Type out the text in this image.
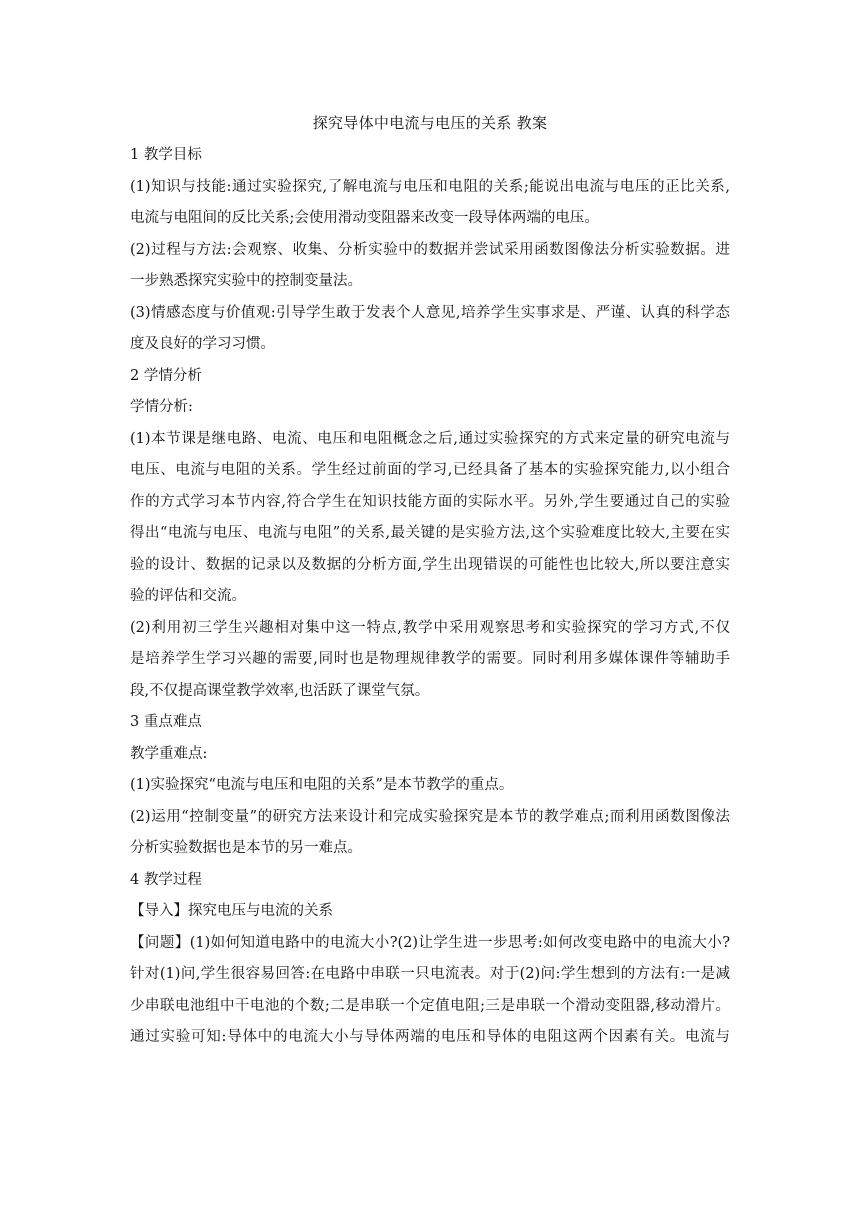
探究导体中电流与电压的关系 教案

1 教学目标

(1)知识与技能:通过实验探究,了解电流与电压和电阻的关系;能说出电流与电压的正比关系,

电流与电阻间的反比关系;会使用滑动变阻器来改变一段导体两端的电压。

(2)过程与方法:会观察、收集、分析实验中的数据并尝试采用函数图像法分析实验数据。进

一步熟悉探究实验中的控制变量法。

(3)情感态度与价值观:引导学生敢于发表个人意见,培养学生实事求是、严谨、认真的科学态

度及良好的学习习惯。

2 学情分析

学情分析:

(1)本节课是继电路、电流、电压和电阻概念之后,通过实验探究的方式来定量的研究电流与

电压、电流与电阻的关系。学生经过前面的学习,已经具备了基本的实验探究能力,以小组合

作的方式学习本节内容,符合学生在知识技能方面的实际水平。另外,学生要通过自己的实验

得出“电流与电压、电流与电阻”的关系,最关键的是实验方法,这个实验难度比较大,主要在实

验的设计、数据的记录以及数据的分析方面,学生出现错误的可能性也比较大,所以要注意实

验的评估和交流。

(2)利用初三学生兴趣相对集中这一特点,教学中采用观察思考和实验探究的学习方式,不仅

是培养学生学习兴趣的需要,同时也是物理规律教学的需要。同时利用多媒体课件等辅助手

段,不仅提高课堂教学效率,也活跃了课堂气氛。

3 重点难点

教学重难点:

(1)实验探究“电流与电压和电阻的关系”是本节教学的重点。

(2)运用“控制变量”的研究方法来设计和完成实验探究是本节的教学难点;而利用函数图像法

分析实验数据也是本节的另一难点。

4 教学过程

【导入】探究电压与电流的关系

【问题】(1)如何知道电路中的电流大小?(2)让学生进一步思考:如何改变电路中的电流大小?

针对(1)问,学生很容易回答:在电路中串联一只电流表。对于(2)问:学生想到的方法有:一是减

少串联电池组中干电池的个数;二是串联一个定值电阻;三是串联一个滑动变阻器,移动滑片。

通过实验可知:导体中的电流大小与导体两端的电压和导体的电阻这两个因素有关。电流与
